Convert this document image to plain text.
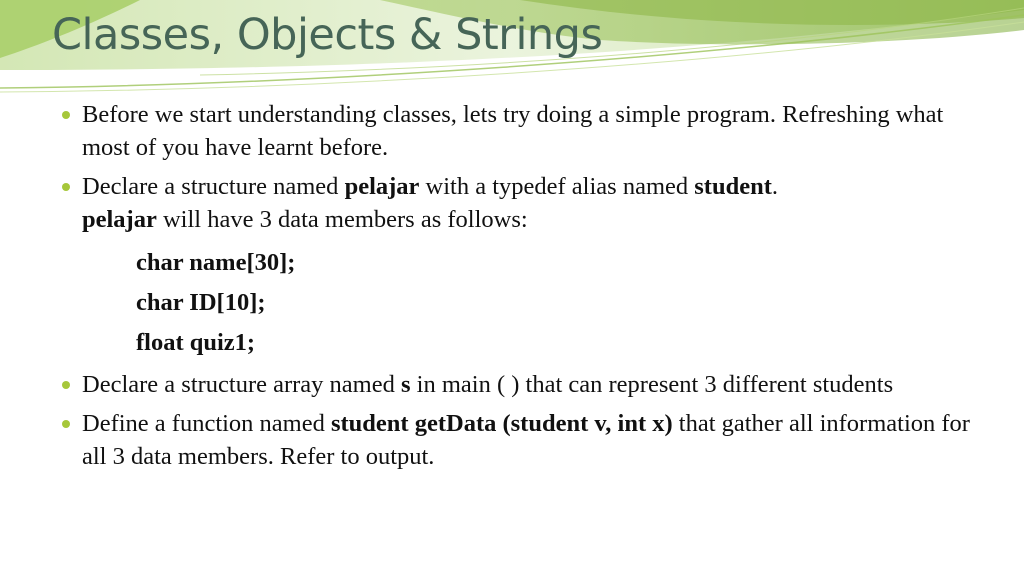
Classes, Objects & Strings
Before we start understanding classes, lets try doing a simple program. Refreshing what most of you have learnt before.
Declare a structure named pelajar with a typedef alias named student.
pelajar will have 3 data members as follows:
char name[30];
char ID[10];
float quiz1;
Declare a structure array named s in main ( ) that can represent 3 different students
Define a function named student getData (student v, int x) that gather all information for all 3 data members. Refer to output.
